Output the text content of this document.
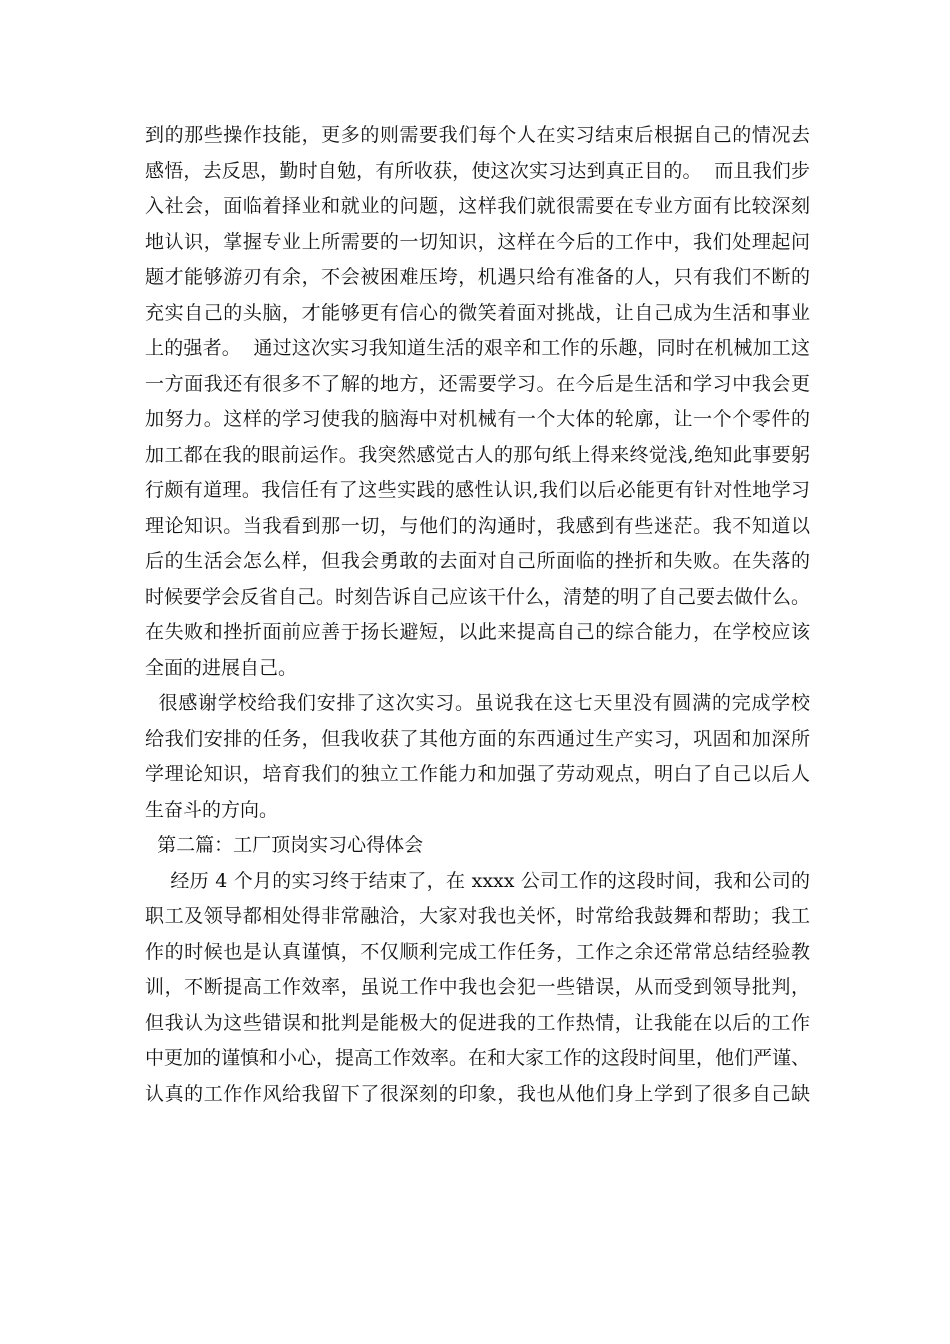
到的那些操作技能，更多的则需要我们每个人在实习结束后根据自己的情况去
感悟，去反思，勤时自勉，有所收获，使这次实习达到真正目的。  而且我们步
入社会，面临着择业和就业的问题，这样我们就很需要在专业方面有比较深刻
地认识，掌握专业上所需要的一切知识，这样在今后的工作中，我们处理起问
题才能够游刃有余，不会被困难压垮，机遇只给有准备的人，只有我们不断的
充实自己的头脑，才能够更有信心的微笑着面对挑战，让自己成为生活和事业
上的强者。  通过这次实习我知道生活的艰辛和工作的乐趣，同时在机械加工这
一方面我还有很多不了解的地方，还需要学习。在今后是生活和学习中我会更
加努力。这样的学习使我的脑海中对机械有一个大体的轮廓，让一个个零件的
加工都在我的眼前运作。我突然感觉古人的那句纸上得来终觉浅,绝知此事要躬
行颇有道理。我信任有了这些实践的感性认识,我们以后必能更有针对性地学习
理论知识。当我看到那一切，与他们的沟通时，我感到有些迷茫。我不知道以
后的生活会怎么样，但我会勇敢的去面对自己所面临的挫折和失败。在失落的
时候要学会反省自己。时刻告诉自己应该干什么，清楚的明了自己要去做什么。
在失败和挫折面前应善于扬长避短，以此来提高自己的综合能力，在学校应该
全面的进展自己。
很感谢学校给我们安排了这次实习。虽说我在这七天里没有圆满的完成学校
给我们安排的任务，但我收获了其他方面的东西通过生产实习，巩固和加深所
学理论知识，培育我们的独立工作能力和加强了劳动观点，明白了自己以后人
生奋斗的方向。
第二篇：工厂顶岗实习心得体会
经历 4 个月的实习终于结束了，在 xxxx 公司工作的这段时间，我和公司的
职工及领导都相处得非常融洽，大家对我也关怀，时常给我鼓舞和帮助；我工
作的时候也是认真谨慎，不仅顺利完成工作任务，工作之余还常常总结经验教
训，不断提高工作效率，虽说工作中我也会犯一些错误，从而受到领导批判，
但我认为这些错误和批判是能极大的促进我的工作热情，让我能在以后的工作
中更加的谨慎和小心，提高工作效率。在和大家工作的这段时间里，他们严谨、
认真的工作作风给我留下了很深刻的印象，我也从他们身上学到了很多自己缺
